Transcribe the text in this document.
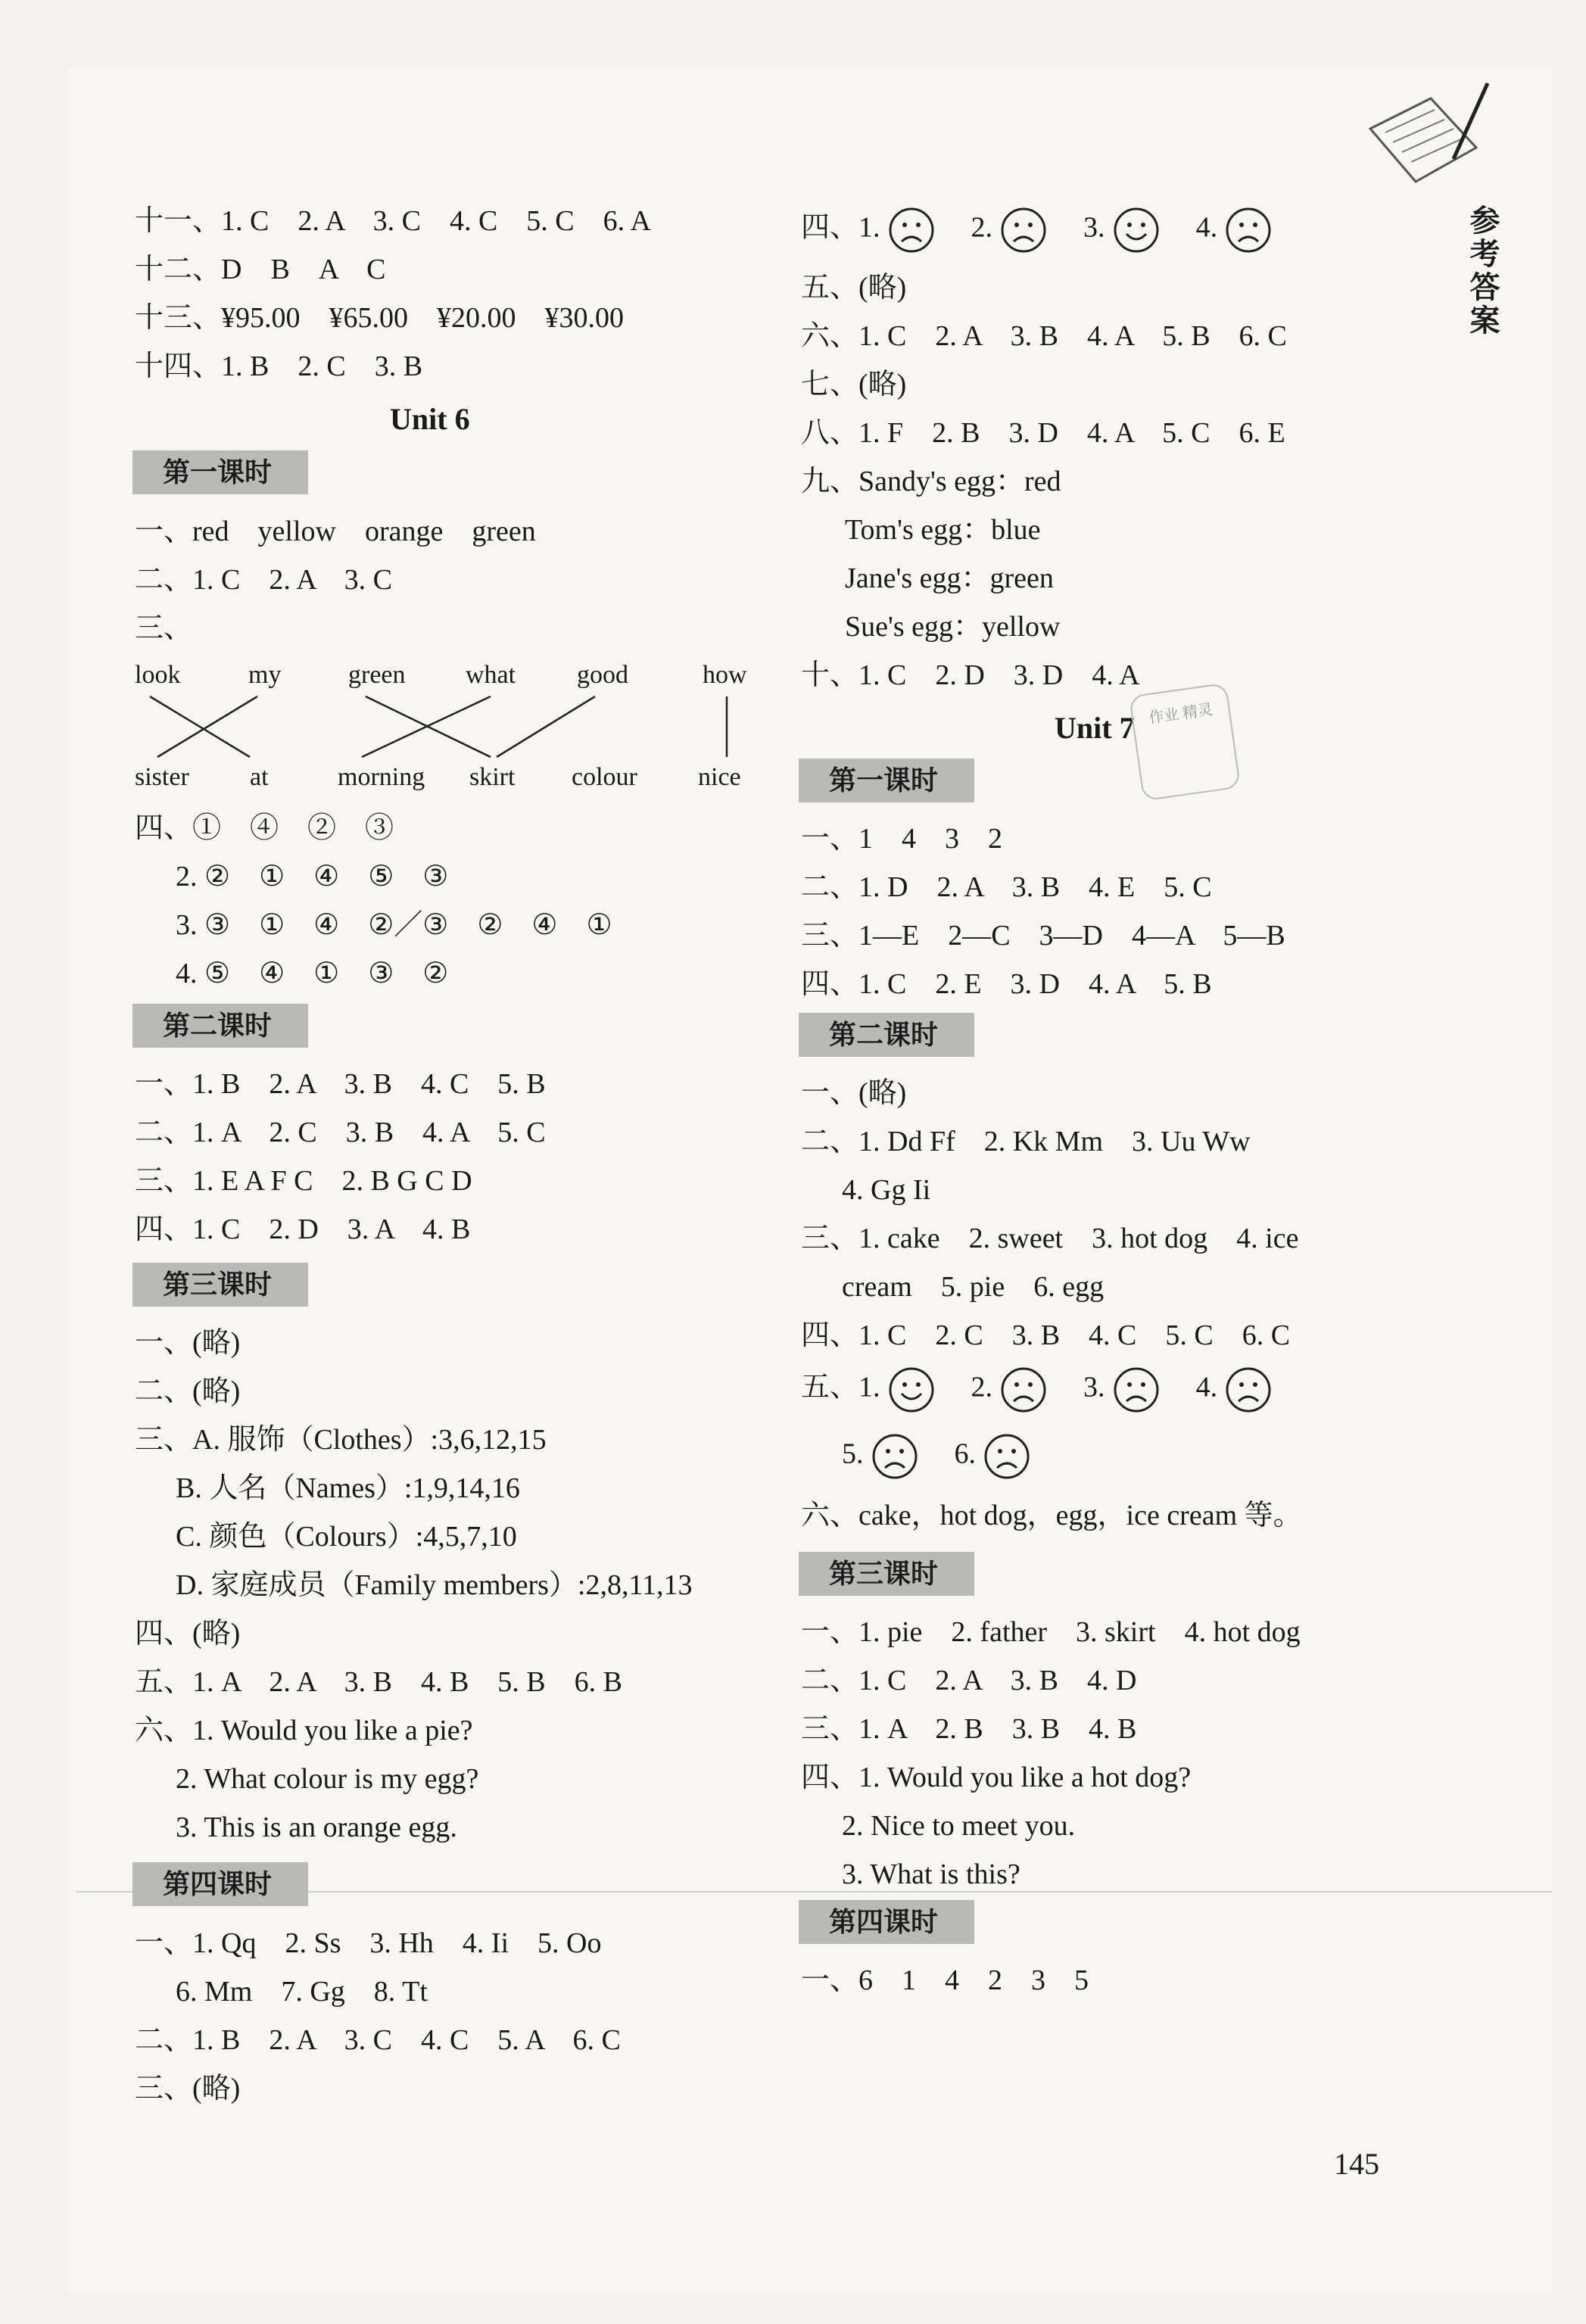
参考答案
145
十一、1. C　2. A　3. C　4. C　5. C　6. A
十二、D　B　A　C
十三、¥95.00　¥65.00　¥20.00　¥30.00
十四、1. B　2. C　3. B
Unit 6
第一课时
一、red　yellow　orange　green
二、1. C　2. A　3. C
三、
look	my	green what good	how
sister at	morning skirt colour nice
四、①　④　②　③
2. ②　①　④　⑤　③
3. ③　①　④　②／③　②　④　①
4. ⑤　④　①　③　②
第二课时
一、1. B　2. A　3. B　4. C　5. B
二、1. A　2. C　3. B　4. A　5. C
三、1. E A F C　2. B G C D
四、1. C　2. D　3. A　4. B
第三课时
一、(略)
二、(略)
三、A. 服饰（Clothes）:3,6,12,15
B. 人名（Names）:1,9,14,16
C. 颜色（Colours）:4,5,7,10
D. 家庭成员（Family members）:2,8,11,13
四、(略)
五、1. A　2. A　3. B　4. B　5. B　6. B
六、1. Would you like a pie?
2. What colour is my egg?
3. This is an orange egg.
第四课时
一、1. Qq　2. Ss　3. Hh　4. Ii　5. Oo
6. Mm　7. Gg　8. Tt
二、1. B　2. A　3. C　4. C　5. A　6. C
三、(略)
四、1.　	2.　	3.　	4.　
五、(略)
六、1. C　2. A　3. B　4. A　5. B　6. C
七、(略)
八、1. F　2. B　3. D　4. A　5. C　6. E
九、Sandy's egg：red
Tom's egg：blue
Jane's egg：green
Sue's egg：yellow
十、1. C　2. D　3. D　4. A
Unit 7 作业 精灵
第一课时
一、1　4　3　2
二、1. D　2. A　3. B　4. E　5. C
三、1—E　2—C　3—D　4—A　5—B
四、1. C　2. E　3. D　4. A　5. B
第二课时
一、(略)
二、1. Dd Ff　2. Kk Mm　3. Uu Ww
4. Gg Ii
三、1. cake　2. sweet　3. hot dog　4. ice
cream　5. pie　6. egg
四、1. C　2. C　3. B　4. C　5. C　6. C
五、1.　	2.　	3.　	4.　
5.　	6.　
六、cake，hot dog，egg，ice cream 等。
第三课时
一、1. pie　2. father　3. skirt　4. hot dog
二、1. C　2. A　3. B　4. D
三、1. A　2. B　3. B　4. B
四、1. Would you like a hot dog?
2. Nice to meet you.
3. What is this?
第四课时
一、6　1　4　2　3　5
